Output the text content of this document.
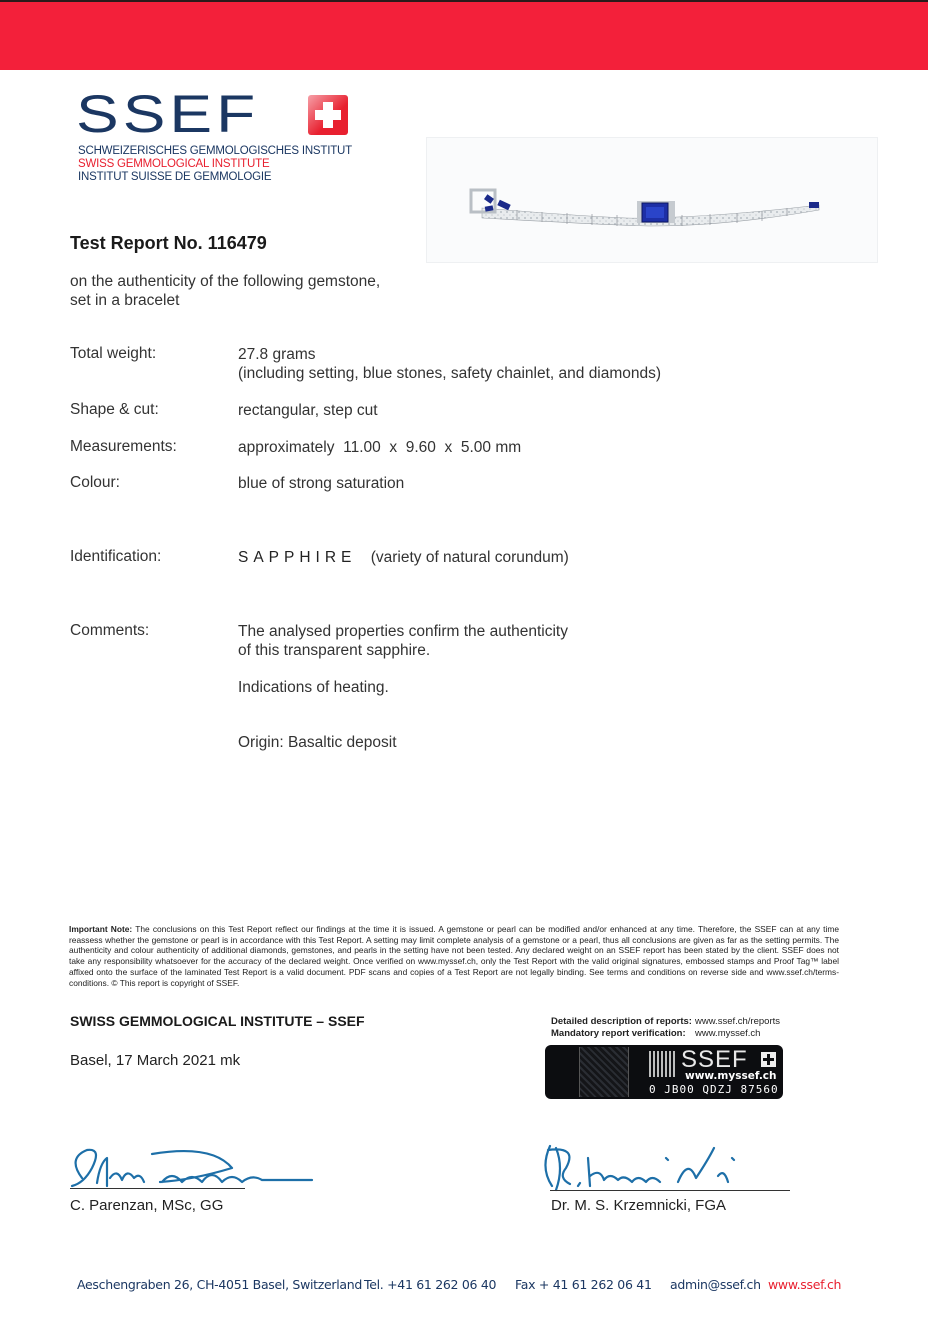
SSEF
SCHWEIZERISCHES GEMMOLOGISCHES INSTITUT
SWISS GEMMOLOGICAL INSTITUTE
INSTITUT SUISSE DE GEMMOLOGIE
Test Report No. 116479
on the authenticity of the following gemstone,
set in a bracelet
Total weight:	27.8 grams
(including setting, blue stones, safety chainlet, and diamonds)
Shape & cut:	rectangular, step cut
Measurements:	approximately  11.00  x  9.60  x  5.00 mm
Colour:	blue of strong saturation
Identification:	SAPPHIRE (variety of natural corundum)
Comments:	The analysed properties confirm the authenticity
of this transparent sapphire.
Indications of heating.
Origin: Basaltic deposit
Important Note: The conclusions on this Test Report reflect our findings at the time it is issued. A gemstone or pearl can be modified and/or enhanced at any time. Therefore, the SSEF can at any time reassess whether the gemstone or pearl is in accordance with this Test Report. A setting may limit complete analysis of a gemstone or a pearl, thus all conclusions are given as far as the setting permits. The authenticity and colour authenticity of additional diamonds, gemstones, and pearls in the setting have not been tested. Any declared weight on an SSEF report has been stated by the client. SSEF does not take any responsibility whatsoever for the accuracy of the declared weight. Once verified on www.myssef.ch, only the Test Report with the valid original signatures, embossed stamps and Proof Tag™ label affixed onto the surface of the laminated Test Report is a valid document. PDF scans and copies of a Test Report are not legally binding. See terms and conditions on reverse side and www.ssef.ch/terms-conditions. © This report is copyright of SSEF.
SWISS GEMMOLOGICAL INSTITUTE – SSEF
Basel, 17 March 2021 mk
Detailed description of reports: www.ssef.ch/reports
Mandatory report verification: www.myssef.ch
SSEF
www.myssef.ch
0 JB00 QDZJ 87560
C. Parenzan, MSc, GG	Dr. M. S. Krzemnicki, FGA
Aeschengraben 26, CH-4051 Basel, Switzerland Tel. +41 61 262 06 40 Fax + 41 61 262 06 41 admin@ssef.ch www.ssef.ch
